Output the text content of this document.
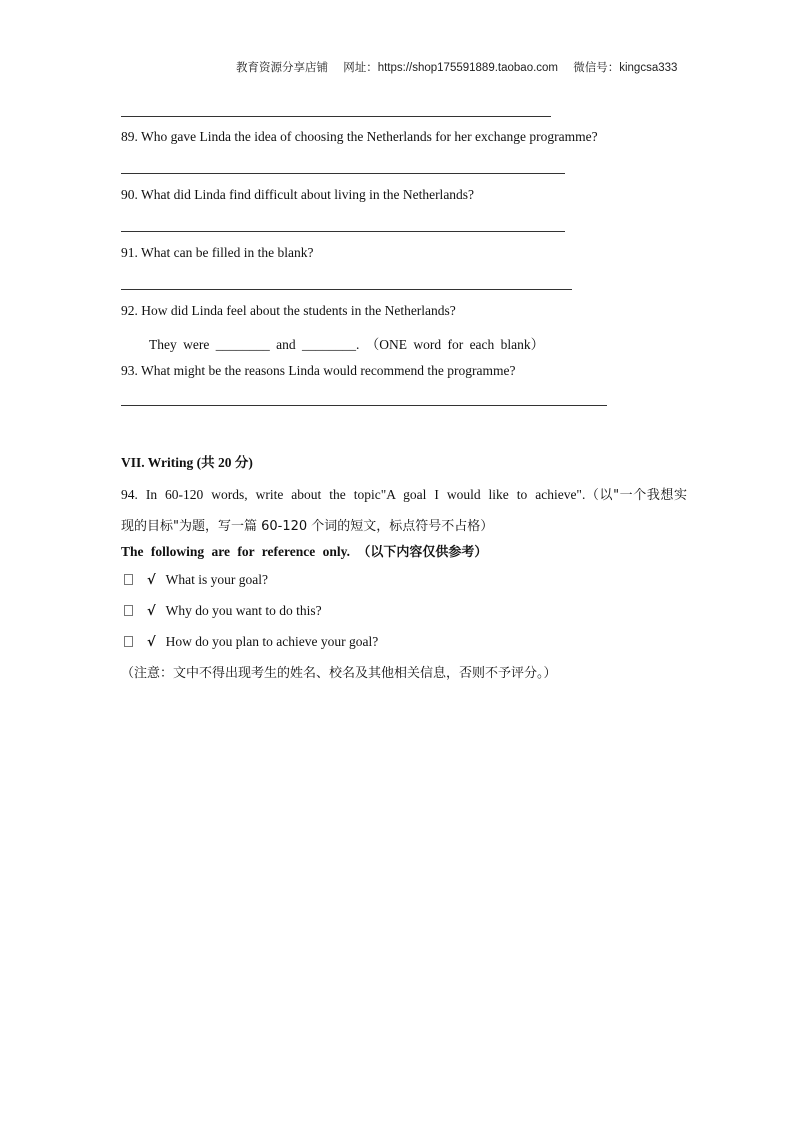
教育资源分享店铺 网址：https://shop175591889.taobao.com 微信号：kingcsa333
89. Who gave Linda the idea of choosing the Netherlands for her exchange programme?
90. What did Linda find difficult about living in the Netherlands?
91. What can be filled in the blank?
92. How did Linda feel about the students in the Netherlands?
They were ________ and ________. （ONE word for each blank）
93. What might be the reasons Linda would recommend the programme?
VII. Writing (共 20 分)
94. In 60-120 words, write about the topic"A goal I would like to achieve".（以"一个我想实现的目标"为题，写一篇 60-120 个词的短文，标点符号不占格）
The following are for reference only. （以下内容仅供参考）
√ What is your goal?
√ Why do you want to do this?
√ How do you plan to achieve your goal?
（注意：文中不得出现考生的姓名、校名及其他相关信息，否则不予评分。）
